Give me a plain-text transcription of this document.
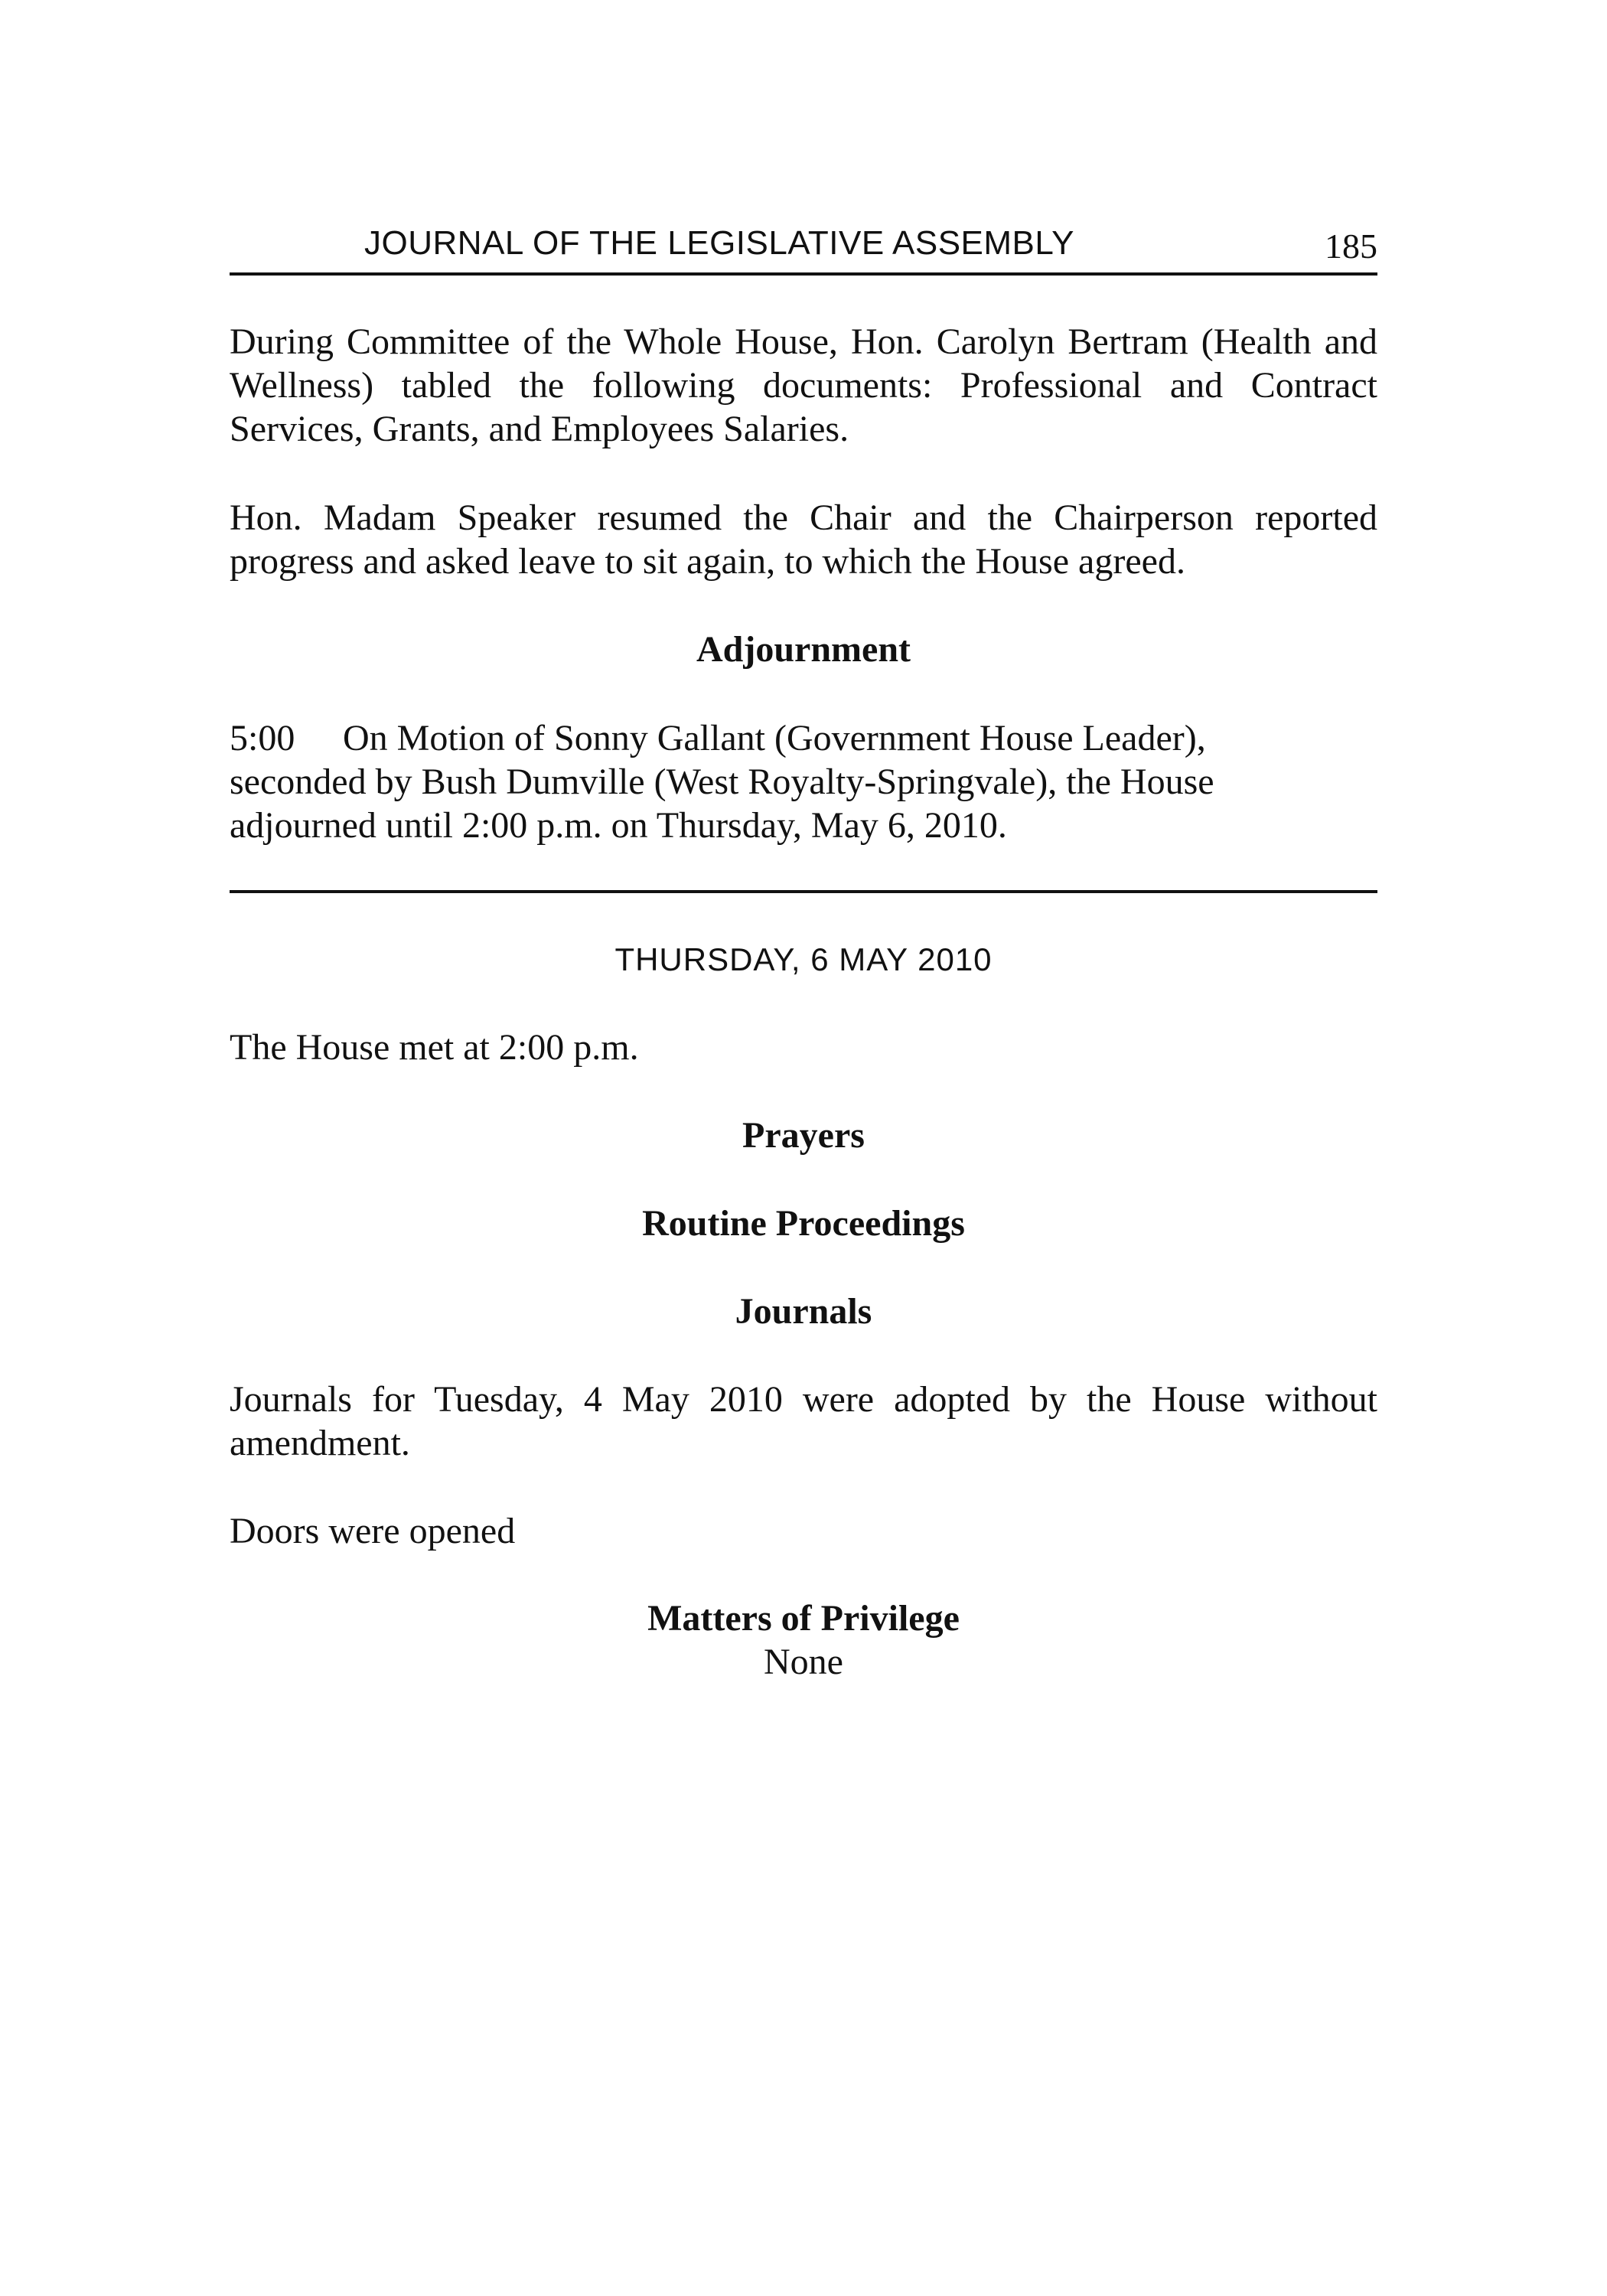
JOURNAL OF THE LEGISLATIVE ASSEMBLY	185

During Committee of the Whole House, Hon. Carolyn Bertram (Health and Wellness) tabled the following documents: Professional and Contract Services, Grants, and Employees Salaries.

Hon. Madam Speaker resumed the Chair and the Chairperson reported progress and asked leave to sit again, to which the House agreed.

Adjournment
5:00 On Motion of Sonny Gallant (Government House Leader),
seconded by Bush Dumville (West Royalty-Springvale), the House
adjourned until 2:00 p.m. on Thursday, May 6, 2010.
THURSDAY, 6 MAY 2010

The House met at 2:00 p.m.

Prayers
Routine Proceedings
Journals

Journals for Tuesday, 4 May 2010 were adopted by the House without amendment.

Doors were opened

Matters of Privilege

None
